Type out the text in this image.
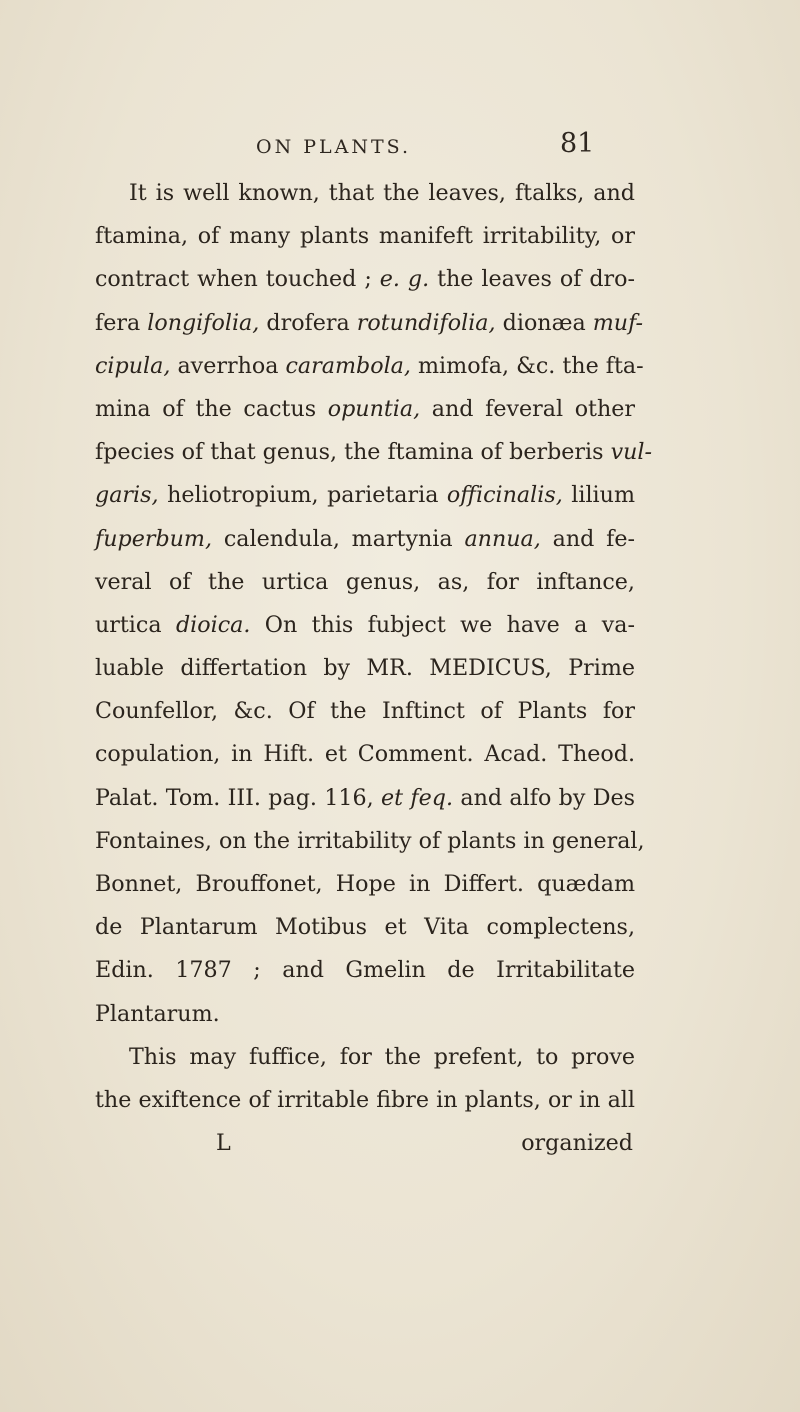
ON PLANTS.	81
It is well known, that the leaves, ftalks, and
ftamina, of many plants manifeft irritability, or
contract when touched ; e. g. the leaves of dro-
fera longifolia, drofera rotundifolia, dionæa muf-
cipula, averrhoa carambola, mimofa, &c. the fta-
mina of the cactus opuntia, and feveral other
fpecies of that genus, the ftamina of berberis vul-
garis, heliotropium, parietaria officinalis, lilium
fuperbum, calendula, martynia annua, and fe-
veral of the urtica genus, as, for inftance,
urtica dioica. On this fubject we have a va-
luable differtation by MR. MEDICUS, Prime
Counfellor, &c. Of the Inftinct of Plants for
copulation, in Hift. et Comment. Acad. Theod.
Palat. Tom. III. pag. 116, et feq. and alfo by Des
Fontaines, on the irritability of plants in general,
Bonnet, Brouffonet, Hope in Differt. quædam
de Plantarum Motibus et Vita complectens,
Edin. 1787 ; and Gmelin de Irritabilitate
Plantarum.
This may fuffice, for the prefent, to prove
the exiftence of irritable fibre in plants, or in all
L	organized
